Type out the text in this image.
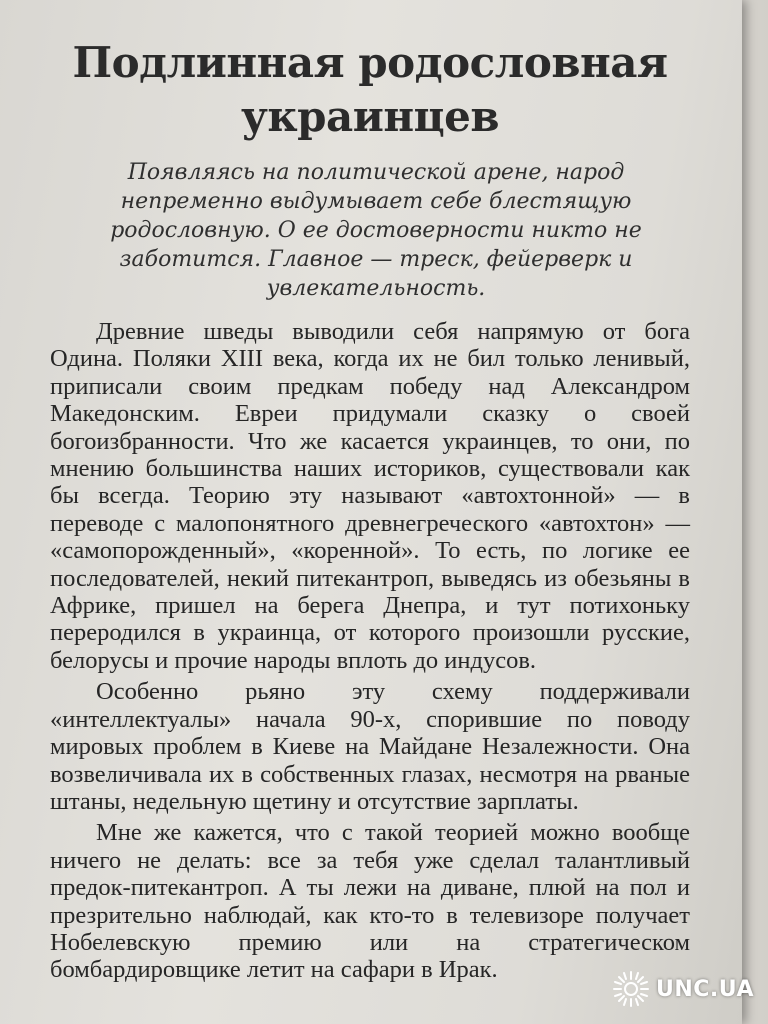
Подлинная родословная украинцев

Появляясь на политической арене, народ непременно выдумывает себе блестящую родословную. О ее достоверности никто не заботится. Главное — треск, фейерверк и увлекательность.

Древние шведы выводили себя напрямую от бога Одина. Поляки XIII века, когда их не бил только ленивый, приписали своим предкам победу над Александром Македонским. Евреи придумали сказку о своей богоизбранности. Что же касается украинцев, то они, по мнению большинства наших историков, существовали как бы всегда. Теорию эту называют «автохтонной» — в переводе с малопонятного древнегреческого «автохтон» — «самопорожденный», «коренной». То есть, по логике ее последователей, некий питекантроп, выведясь из обезьяны в Африке, пришел на берега Днепра, и тут потихоньку переродился в украинца, от которого произошли русские, белорусы и прочие народы вплоть до индусов.

Особенно рьяно эту схему поддерживали «интеллектуалы» начала 90-х, спорившие по поводу мировых проблем в Киеве на Майдане Незалежности. Она возвеличивала их в собственных глазах, несмотря на рваные штаны, недельную щетину и отсутствие зарплаты.

Мне же кажется, что с такой теорией можно вообще ничего не делать: все за тебя уже сделал талантливый предок-питекантроп. А ты лежи на диване, плюй на пол и презрительно наблюдай, как кто-то в телевизоре получает Нобелевскую премию или на стратегическом бомбардировщике летит на сафари в Ирак.

UNC.UA
